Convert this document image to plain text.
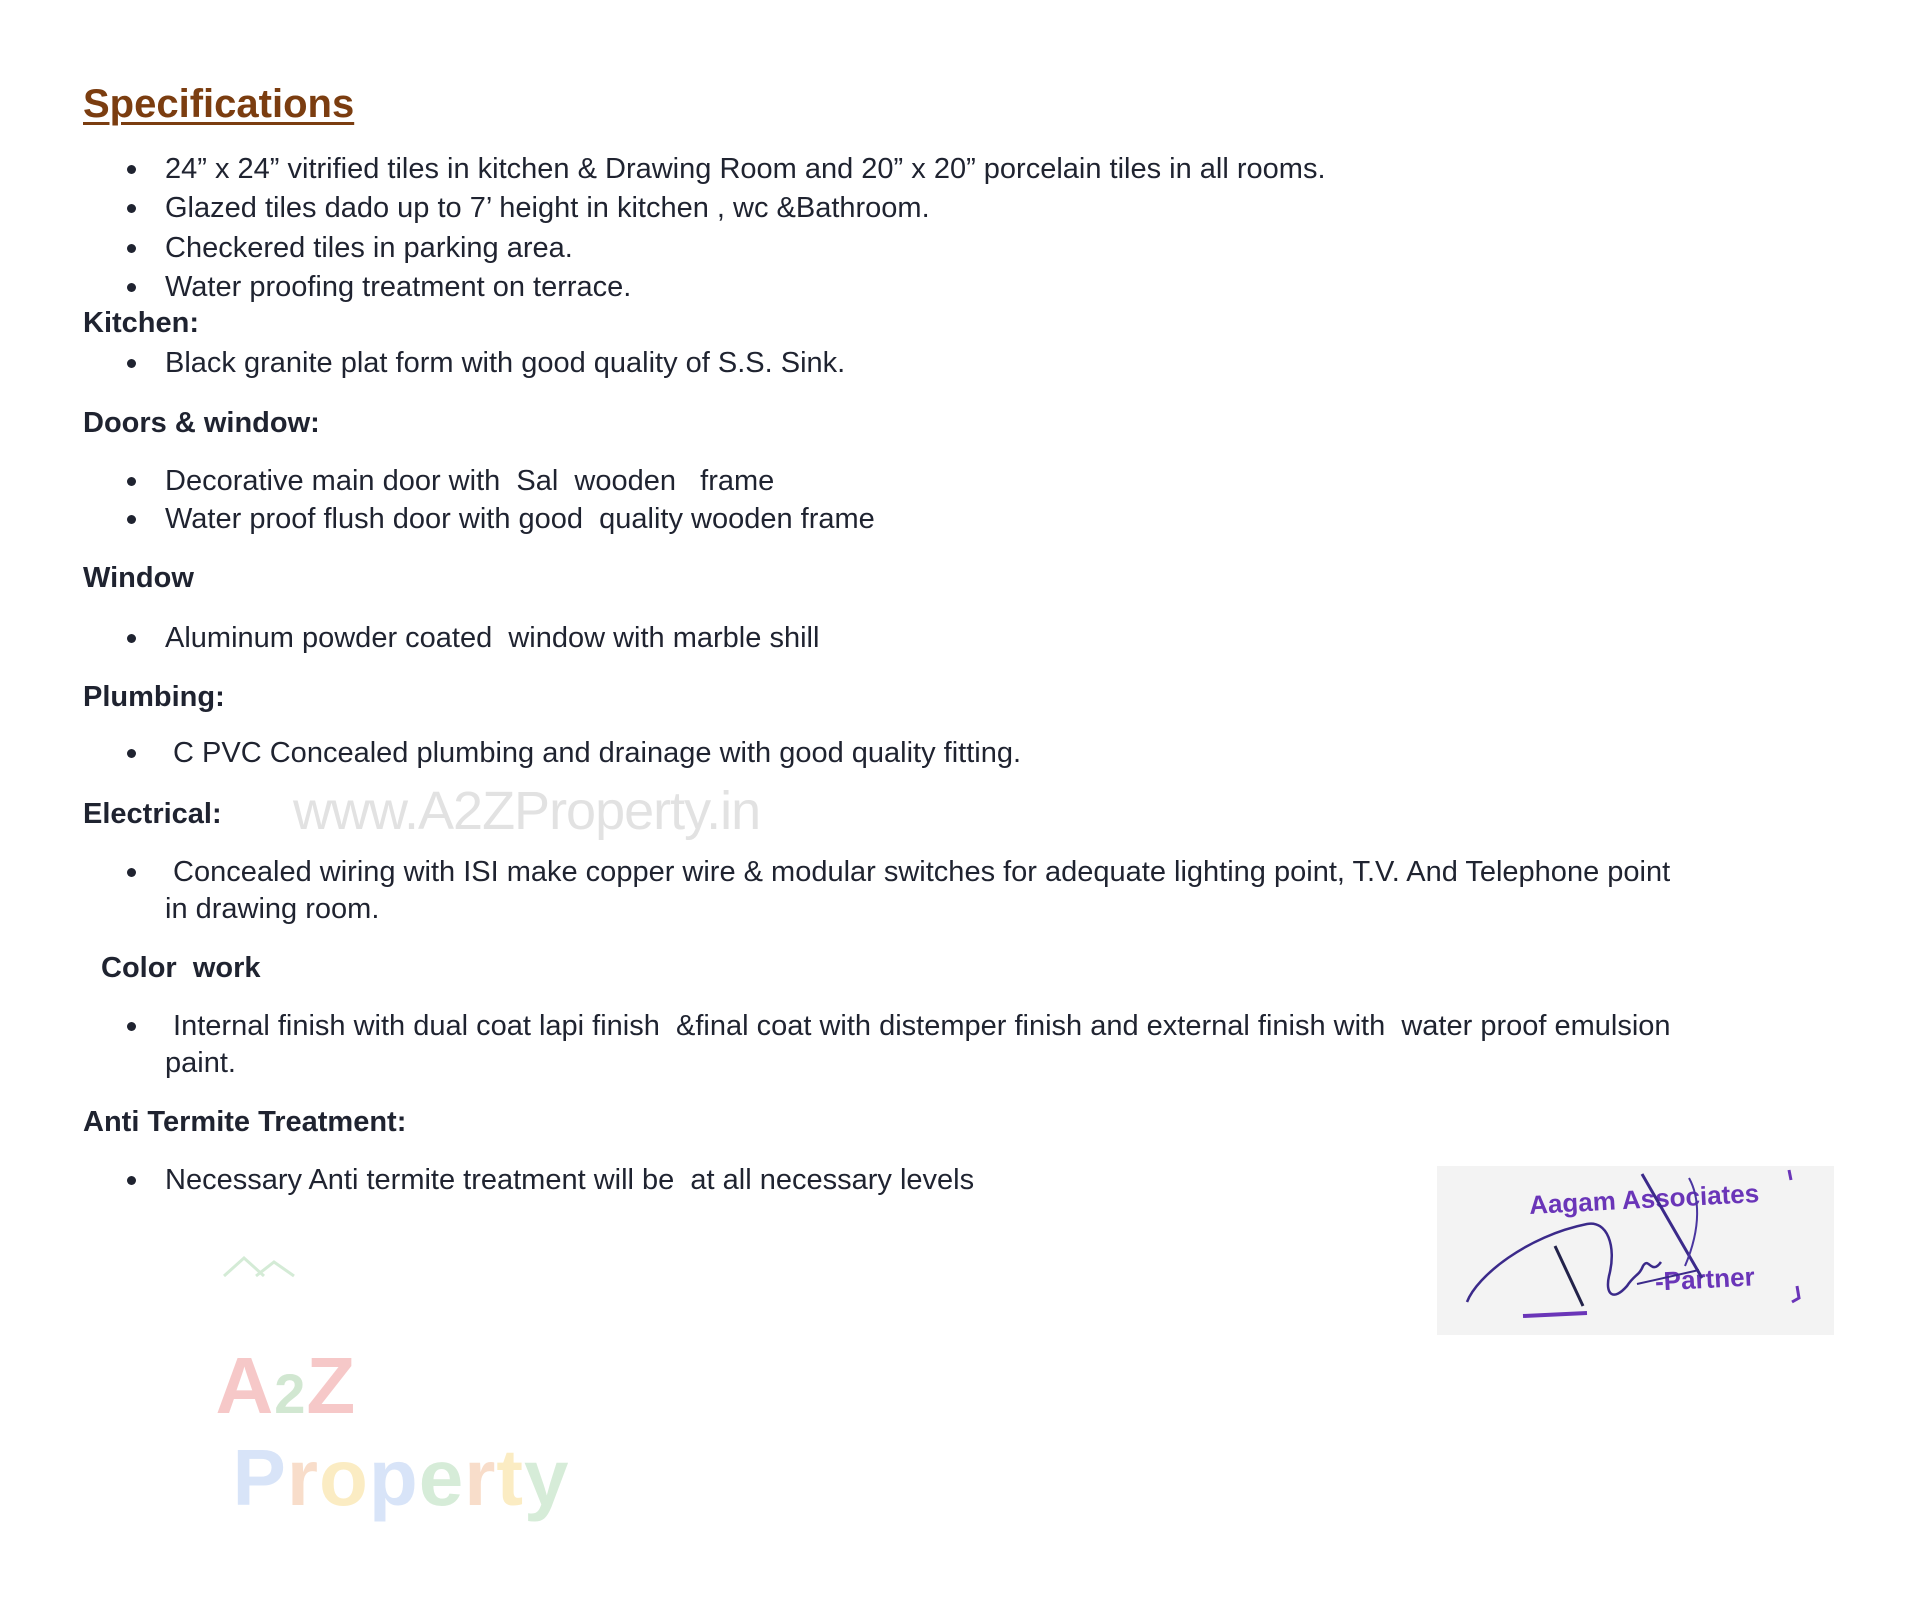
Specifications
24” x 24” vitrified tiles in kitchen & Drawing Room and 20” x 20” porcelain tiles in all rooms.
Glazed tiles dado up to 7’ height in kitchen , wc &Bathroom.
Checkered tiles in parking area.
Water proofing treatment on terrace.
Kitchen:
Black granite plat form with good quality of S.S. Sink.
Doors & window:
Decorative main door with  Sal  wooden   frame
Water proof flush door with good  quality wooden frame
Window
Aluminum powder coated  window with marble shill
Plumbing:
C PVC Concealed plumbing and drainage with good quality fitting.
www.A2ZProperty.in
Electrical:
Concealed wiring with ISI make copper wire & modular switches for adequate lighting point, T.V. And Telephone point
in drawing room.
Color  work
Internal finish with dual coat lapi finish  &final coat with distemper finish and external finish with  water proof emulsion
paint.
Anti Termite Treatment:
Necessary Anti termite treatment will be  at all necessary levels

A2Z
Property

Aagam Associates

-Partner
